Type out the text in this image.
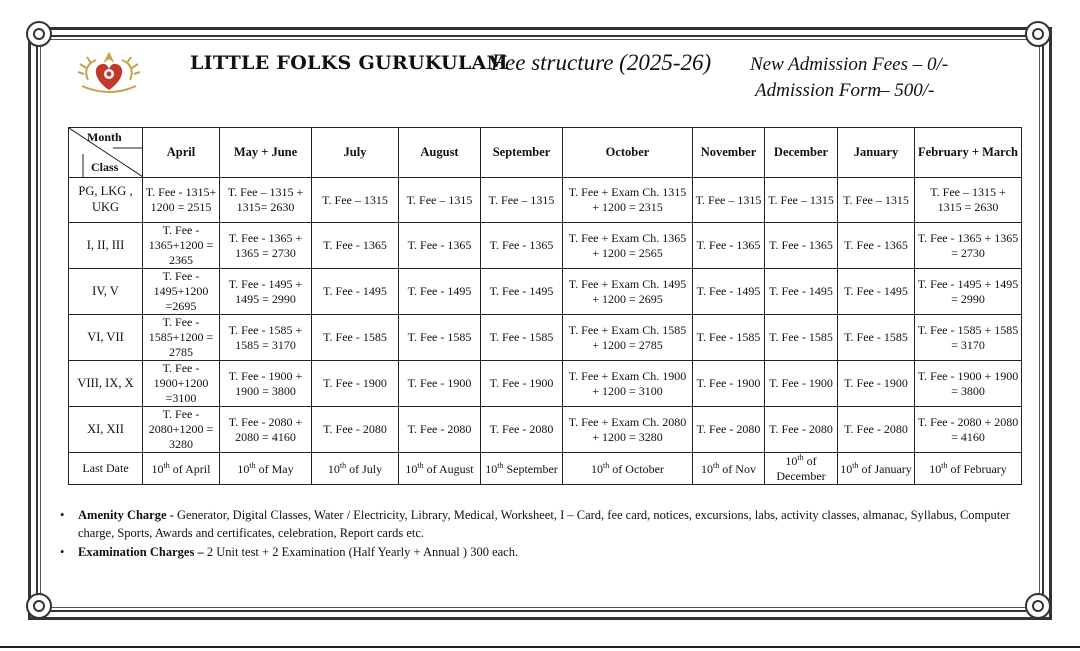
LITTLE FOLKS GURUKULAM
Fee structure (2025-26) New Admission Fees – 0/-
Admission Form
– 500/-
Month
Class	April	May + June	July	August	September	October	November	December	January	February + March
PG, LKG , UKG	T. Fee - 1315+ 1200 = 2515	T. Fee – 1315 + 1315= 2630	T. Fee – 1315	T. Fee – 1315	T. Fee – 1315	T. Fee + Exam Ch. 1315 + 1200 = 2315	T. Fee – 1315	T. Fee – 1315	T. Fee – 1315	T. Fee – 1315 + 1315 = 2630
I, II, III	T. Fee - 1365+1200 = 2365	T. Fee - 1365 + 1365 = 2730	T. Fee - 1365	T. Fee - 1365	T. Fee - 1365	T. Fee + Exam Ch. 1365 + 1200 = 2565	T. Fee - 1365	T. Fee - 1365	T. Fee - 1365	T. Fee - 1365 + 1365 = 2730
IV, V	T. Fee - 1495+1200 =2695	T. Fee - 1495 + 1495 = 2990	T. Fee - 1495	T. Fee - 1495	T. Fee - 1495	T. Fee + Exam Ch. 1495 + 1200 = 2695	T. Fee - 1495	T. Fee - 1495	T. Fee - 1495	T. Fee - 1495 + 1495 = 2990
VI, VII	T. Fee - 1585+1200 = 2785	T. Fee - 1585 + 1585 = 3170	T. Fee - 1585	T. Fee - 1585	T. Fee - 1585	T. Fee + Exam Ch. 1585 + 1200 = 2785	T. Fee - 1585	T. Fee - 1585	T. Fee - 1585	T. Fee - 1585 + 1585 = 3170
VIII, IX, X	T. Fee - 1900+1200 =3100	T. Fee - 1900 + 1900 = 3800	T. Fee - 1900	T. Fee - 1900	T. Fee - 1900	T. Fee + Exam Ch. 1900 + 1200 = 3100	T. Fee - 1900	T. Fee - 1900	T. Fee - 1900	T. Fee - 1900 + 1900 = 3800
XI, XII	T. Fee - 2080+1200 = 3280	T. Fee - 2080 + 2080 = 4160	T. Fee - 2080	T. Fee - 2080	T. Fee - 2080	T. Fee + Exam Ch. 2080 + 1200 = 3280	T. Fee - 2080	T. Fee - 2080	T. Fee - 2080	T. Fee - 2080 + 2080 = 4160
Last Date	10th of April	10th of May	10th of July	10th of August	10th September	10th of October	10th of Nov	10th of December	10th of January	10th of February
• Amenity Charge - Generator, Digital Classes, Water / Electricity, Library, Medical, Worksheet, I – Card, fee card, notices, excursions, labs, activity classes, almanac, Syllabus, Computer charge, Sports, Awards and certificates, celebration, Report cards etc.
• Examination Charges – 2 Unit test + 2 Examination (Half Yearly + Annual ) 300 each.
